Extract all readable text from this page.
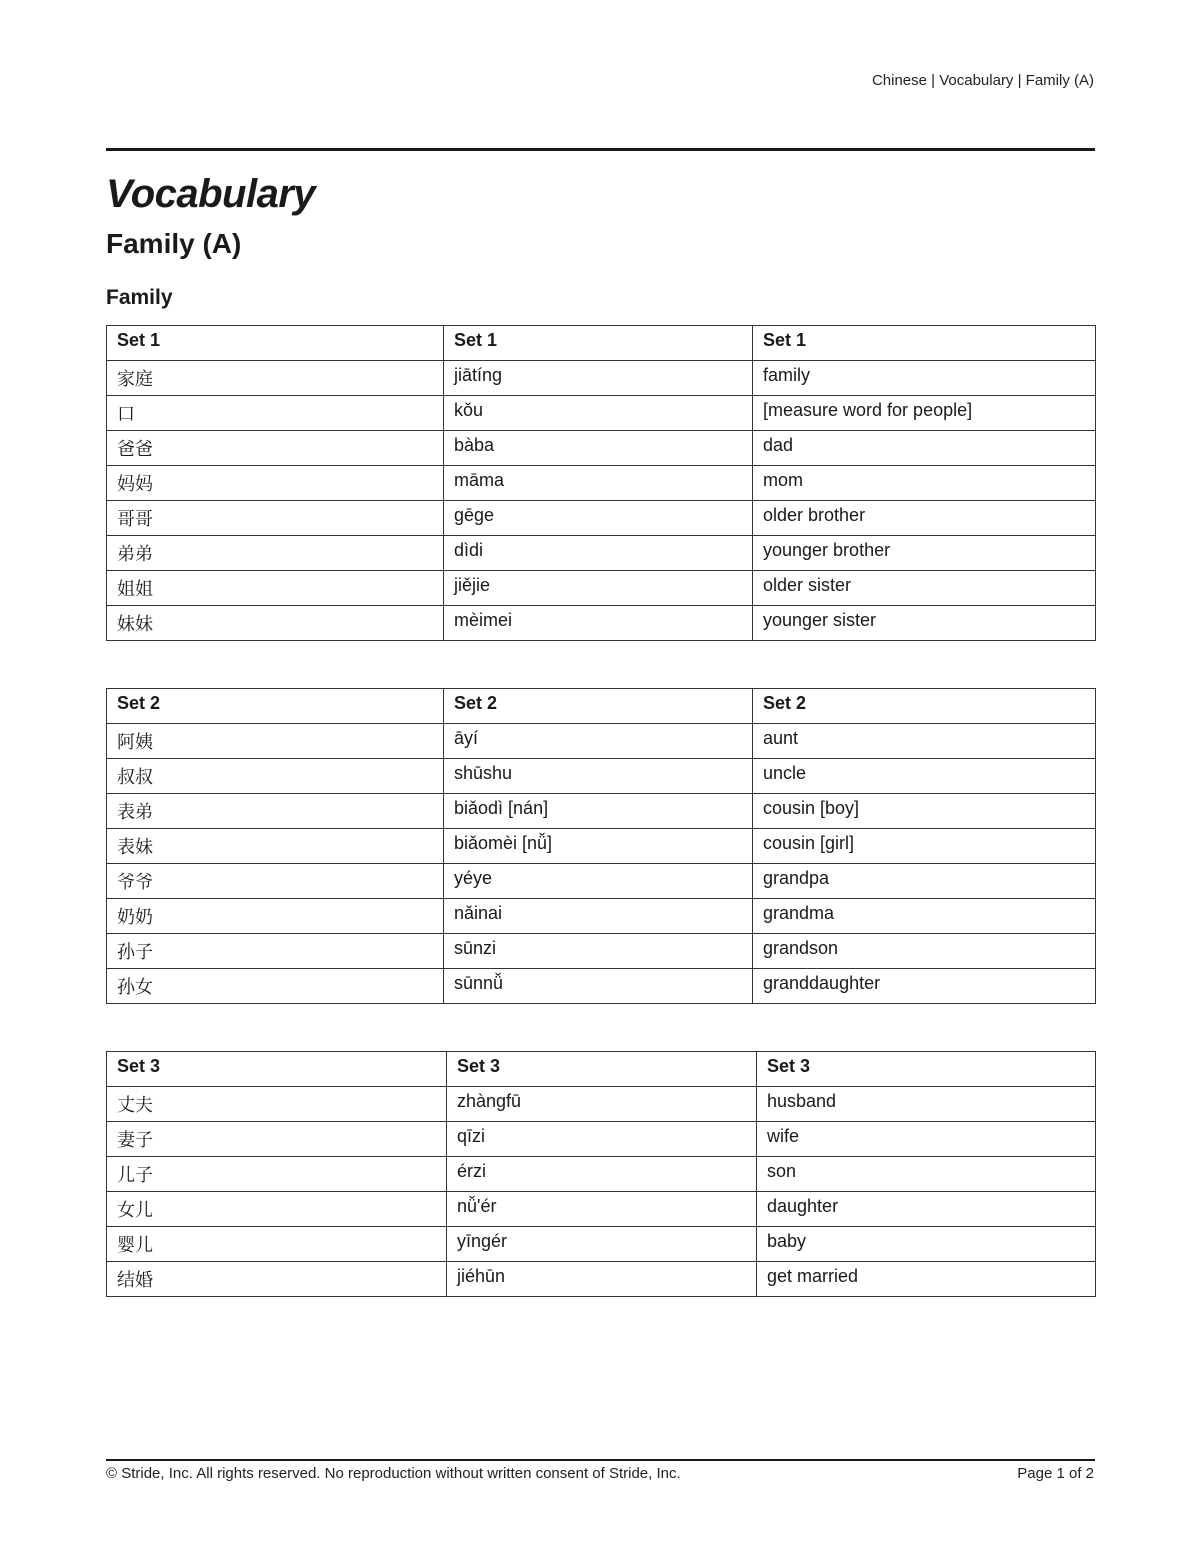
Chinese | Vocabulary | Family (A)
Vocabulary
Family (A)
Family
Set 1	Set 1	Set 1
家庭	jiātíng	family
口	kǒu	[measure word for people]
爸爸	bàba	dad
妈妈	māma	mom
哥哥	gēge	older brother
弟弟	dìdi	younger brother
姐姐	jiějie	older sister
妹妹	mèimei	younger sister
Set 2	Set 2	Set 2
阿姨	āyí	aunt
叔叔	shūshu	uncle
表弟	biǎodì [nán]	cousin [boy]
表妹	biǎomèi [nǚ]	cousin [girl]
爷爷	yéye	grandpa
奶奶	nǎinai	grandma
孙子	sūnzi	grandson
孙女	sūnnǚ	granddaughter
Set 3	Set 3	Set 3
丈夫	zhàngfū	husband
妻子	qīzi	wife
儿子	érzi	son
女儿	nǚ'ér	daughter
婴儿	yīngér	baby
结婚	jiéhūn	get married
© Stride, Inc. All rights reserved. No reproduction without written consent of Stride, Inc.	Page 1 of 2
